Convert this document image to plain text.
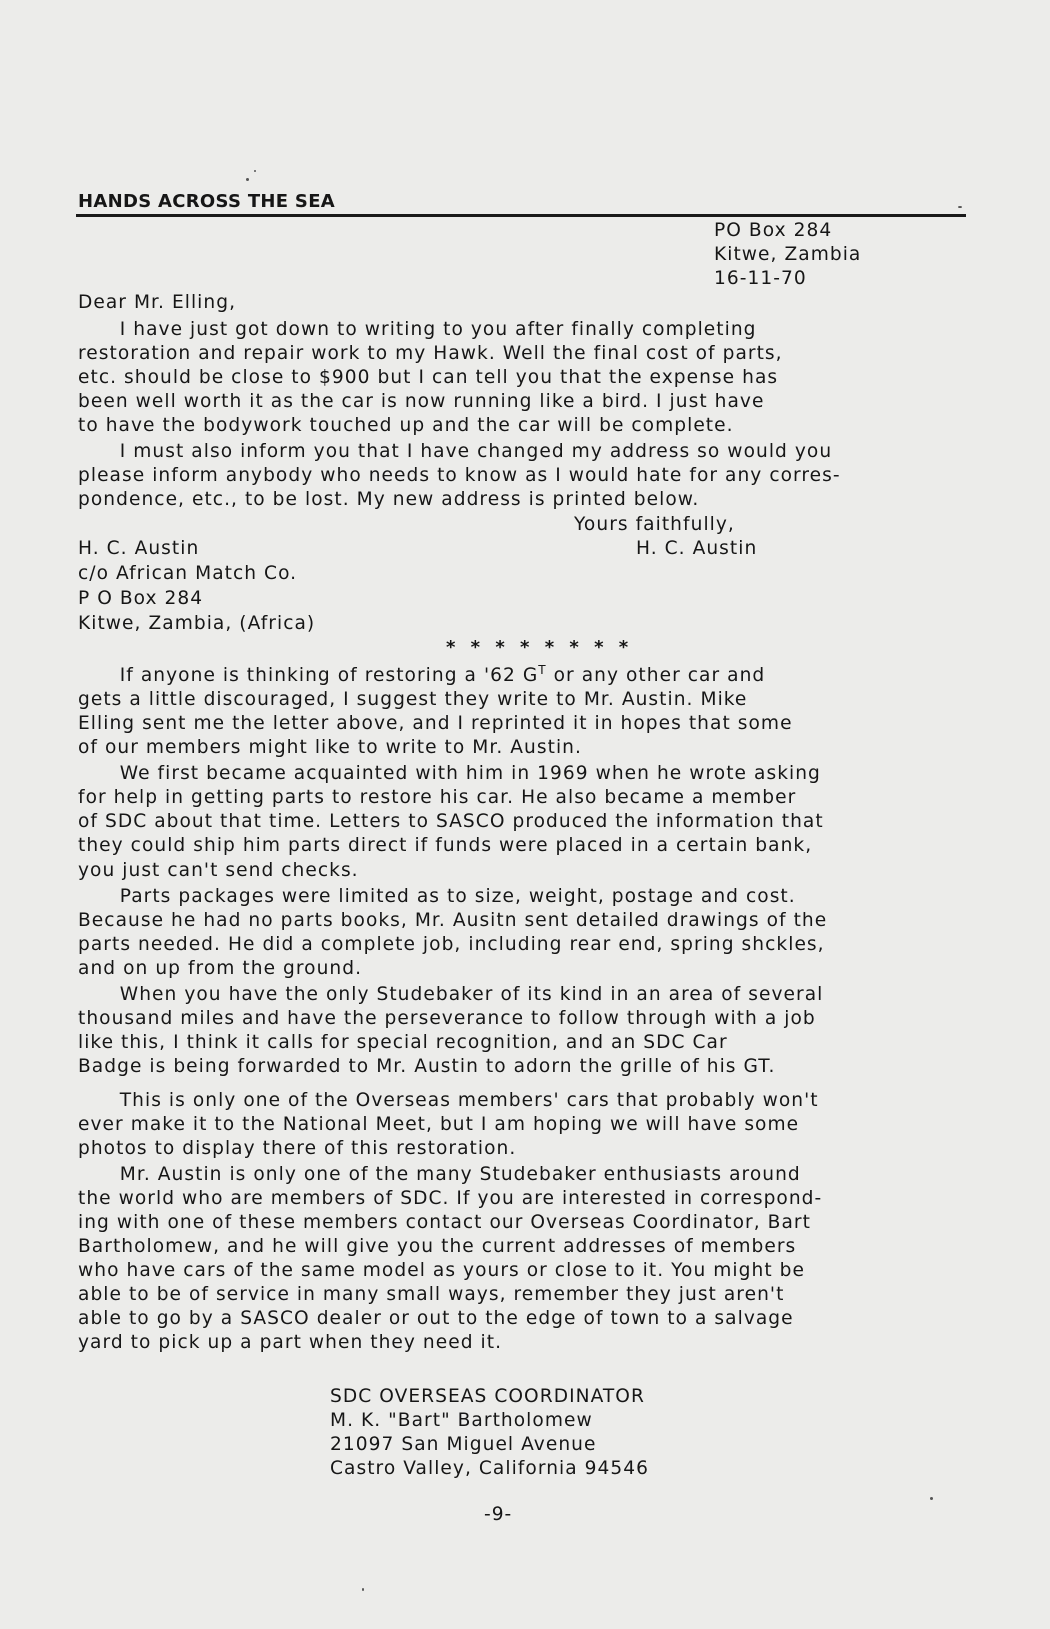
HANDS ACROSS THE SEA
PO Box 284
Kitwe, Zambia
16-11-70
Dear Mr. Elling,
I have just got down to writing to you after finally completing
restoration and repair work to my Hawk. Well the final cost of parts,
etc. should be close to $900 but I can tell you that the expense has
been well worth it as the car is now running like a bird. I just have
to have the bodywork touched up and the car will be complete.
I must also inform you that I have changed my address so would you
please inform anybody who needs to know as I would hate for any corres-
pondence, etc., to be lost. My new address is printed below.
Yours faithfully,
H. C. Austin
H. C. Austin
c/o African Match Co.
P O Box 284
Kitwe, Zambia, (Africa)
* * * * * * * *
If anyone is thinking of restoring a '62 $G^T$ or any other car and
gets a little discouraged, I suggest they write to Mr. Austin. Mike
Elling sent me the letter above, and I reprinted it in hopes that some
of our members might like to write to Mr. Austin.
We first became acquainted with him in 1969 when he wrote asking
for help in getting parts to restore his car. He also became a member
of SDC about that time. Letters to SASCO produced the information that
they could ship him parts direct if funds were placed in a certain bank,
you just can't send checks.
Parts packages were limited as to size, weight, postage and cost.
Because he had no parts books, Mr. Ausitn sent detailed drawings of the
parts needed. He did a complete job, including rear end, spring shckles,
and on up from the ground.
When you have the only Studebaker of its kind in an area of several
thousand miles and have the perseverance to follow through with a job
like this, I think it calls for special recognition, and an SDC Car
Badge is being forwarded to Mr. Austin to adorn the grille of his GT.
This is only one of the Overseas members' cars that probably won't
ever make it to the National Meet, but I am hoping we will have some
photos to display there of this restoration.
Mr. Austin is only one of the many Studebaker enthusiasts around
the world who are members of SDC. If you are interested in correspond-
ing with one of these members contact our Overseas Coordinator, Bart
Bartholomew, and he will give you the current addresses of members
who have cars of the same model as yours or close to it. You might be
able to be of service in many small ways, remember they just aren't
able to go by a SASCO dealer or out to the edge of town to a salvage
yard to pick up a part when they need it.
SDC OVERSEAS COORDINATOR
M. K. "Bart" Bartholomew
21097 San Miguel Avenue
Castro Valley, California 94546
-9-
